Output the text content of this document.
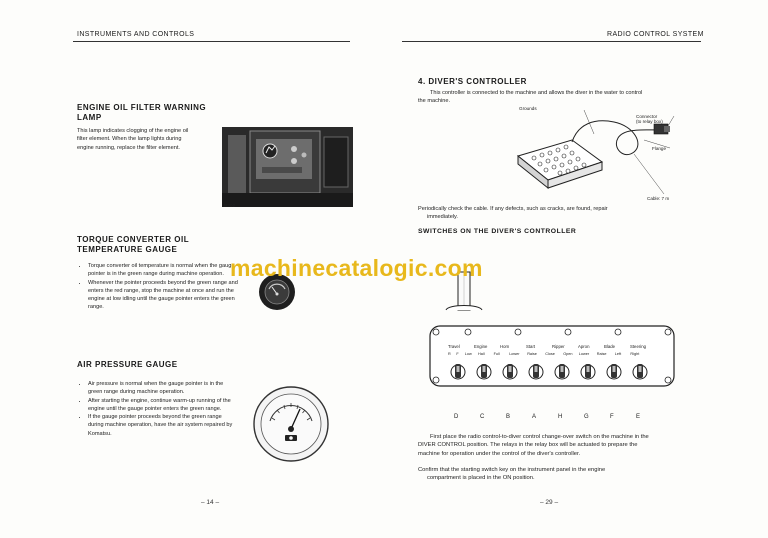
INSTRUMENTS AND CONTROLS
ENGINE OIL FILTER WARNING
LAMP
This lamp indicates clogging of the engine oil
filter element. When the lamp lights during
engine running, replace the filter element.
B302
TORQUE CONVERTER OIL
TEMPERATURE GAUGE
• Torque converter oil temperature is normal when the gauge pointer is in the green range during machine operation.
• Whenever the pointer proceeds beyond the green range and enters the red range, stop the machine at once and run the engine at low idling until the gauge pointer enters the green range.
AIR PRESSURE GAUGE
• Air pressure is normal when the gauge pointer is in the green range during machine operation.
• After starting the engine, continue warm-up running of the engine until the gauge pointer enters the green range.
• If the gauge pointer proceeds beyond the green range during machine operation, have the air system repaired by Komatsu.
– 14 –
RADIO CONTROL SYSTEM
4. DIVER'S CONTROLLER
This controller is connected to the machine and allows the diver in the water to control
the machine.
Grounds
Connector
(to relay box)
Flange
Cable: 7 m
Periodically check the cable. If any defects, such as cracks, are found, repair
immediately.
SWITCHES ON THE DIVER'S CONTROLLER
Travel	Engine	Horn	Start	Ripper	Apron	Blade	Steering
R F Low Hall Full Lower Raise Close Open Lower Raise Left Right
D	C	B	A	H	G	F	E
First place the radio control-to-diver control change-over switch on the machine in the
DIVER CONTROL position. The relays in the relay box will be actuated to prepare the
machine for operation under the control of the diver's controller.
Confirm that the starting switch key on the instrument panel in the engine
compartment is placed in the ON position.
– 29 –
machinecatalogic.com
